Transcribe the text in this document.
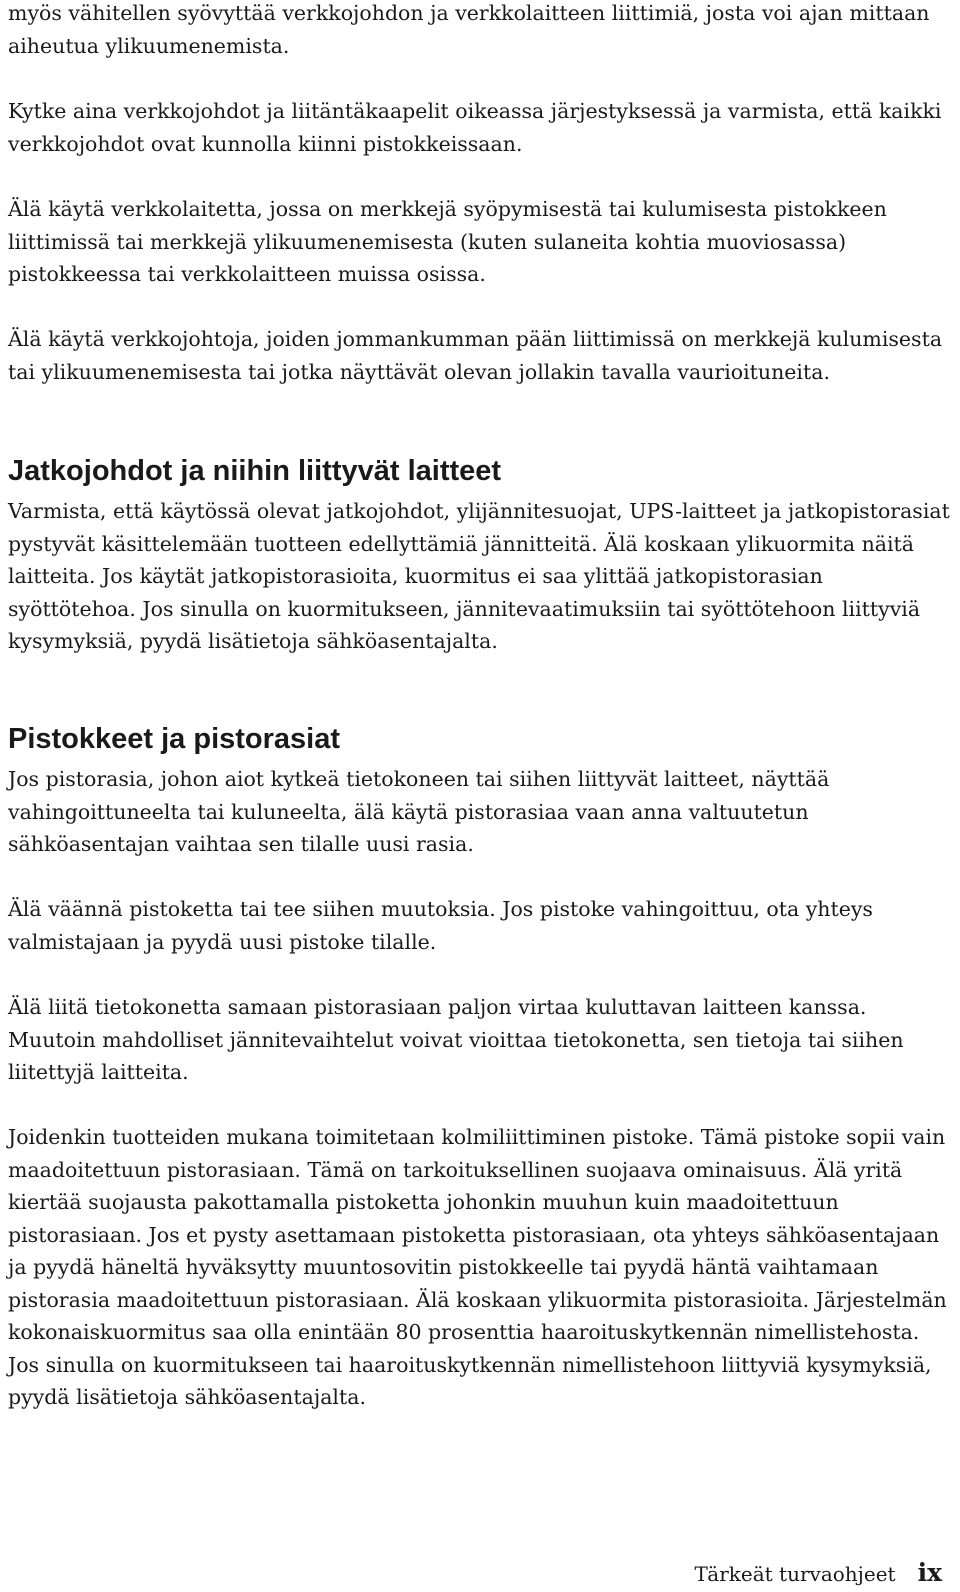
myös vähitellen syövyttää verkkojohdon ja verkkolaitteen liittimiä, josta voi ajan mittaan aiheutua ylikuumenemista.

Kytke aina verkkojohdot ja liitäntäkaapelit oikeassa järjestyksessä ja varmista, että kaikki verkkojohdot ovat kunnolla kiinni pistokkeissaan.

Älä käytä verkkolaitetta, jossa on merkkejä syöpymisestä tai kulumisesta pistokkeen liittimissä tai merkkejä ylikuumenemisesta (kuten sulaneita kohtia muoviosassa) pistokkeessa tai verkkolaitteen muissa osissa.

Älä käytä verkkojohtoja, joiden jommankumman pään liittimissä on merkkejä kulumisesta tai ylikuumenemisesta tai jotka näyttävät olevan jollakin tavalla vaurioituneita.

Jatkojohdot ja niihin liittyvät laitteet

Varmista, että käytössä olevat jatkojohdot, ylijännitesuojat, UPS-laitteet ja jatkopistorasiat pystyvät käsittelemään tuotteen edellyttämiä jännitteitä. Älä koskaan ylikuormita näitä laitteita. Jos käytät jatkopistorasioita, kuormitus ei saa ylittää jatkopistorasian syöttötehoa. Jos sinulla on kuormitukseen, jännitevaatimuksiin tai syöttötehoon liittyviä kysymyksiä, pyydä lisätietoja sähköasentajalta.

Pistokkeet ja pistorasiat

Jos pistorasia, johon aiot kytkeä tietokoneen tai siihen liittyvät laitteet, näyttää vahingoittuneelta tai kuluneelta, älä käytä pistorasiaa vaan anna valtuutetun sähköasentajan vaihtaa sen tilalle uusi rasia.

Älä väännä pistoketta tai tee siihen muutoksia. Jos pistoke vahingoittuu, ota yhteys valmistajaan ja pyydä uusi pistoke tilalle.

Älä liitä tietokonetta samaan pistorasiaan paljon virtaa kuluttavan laitteen kanssa. Muutoin mahdolliset jännitevaihtelut voivat vioittaa tietokonetta, sen tietoja tai siihen liitettyjä laitteita.

Joidenkin tuotteiden mukana toimitetaan kolmiliittiminen pistoke. Tämä pistoke sopii vain maadoitettuun pistorasiaan. Tämä on tarkoituksellinen suojaava ominaisuus. Älä yritä kiertää suojausta pakottamalla pistoketta johonkin muuhun kuin maadoitettuun pistorasiaan. Jos et pysty asettamaan pistoketta pistorasiaan, ota yhteys sähköasentajaan ja pyydä häneltä hyväksytty muuntosovitin pistokkeelle tai pyydä häntä vaihtamaan pistorasia maadoitettuun pistorasiaan. Älä koskaan ylikuormita pistorasioita. Järjestelmän kokonaiskuormitus saa olla enintään 80 prosenttia haaroituskytkennän nimellistehosta. Jos sinulla on kuormitukseen tai haaroituskytkennän nimellistehoon liittyviä kysymyksiä, pyydä lisätietoja sähköasentajalta.

Tärkeät turvaohjeet ix
